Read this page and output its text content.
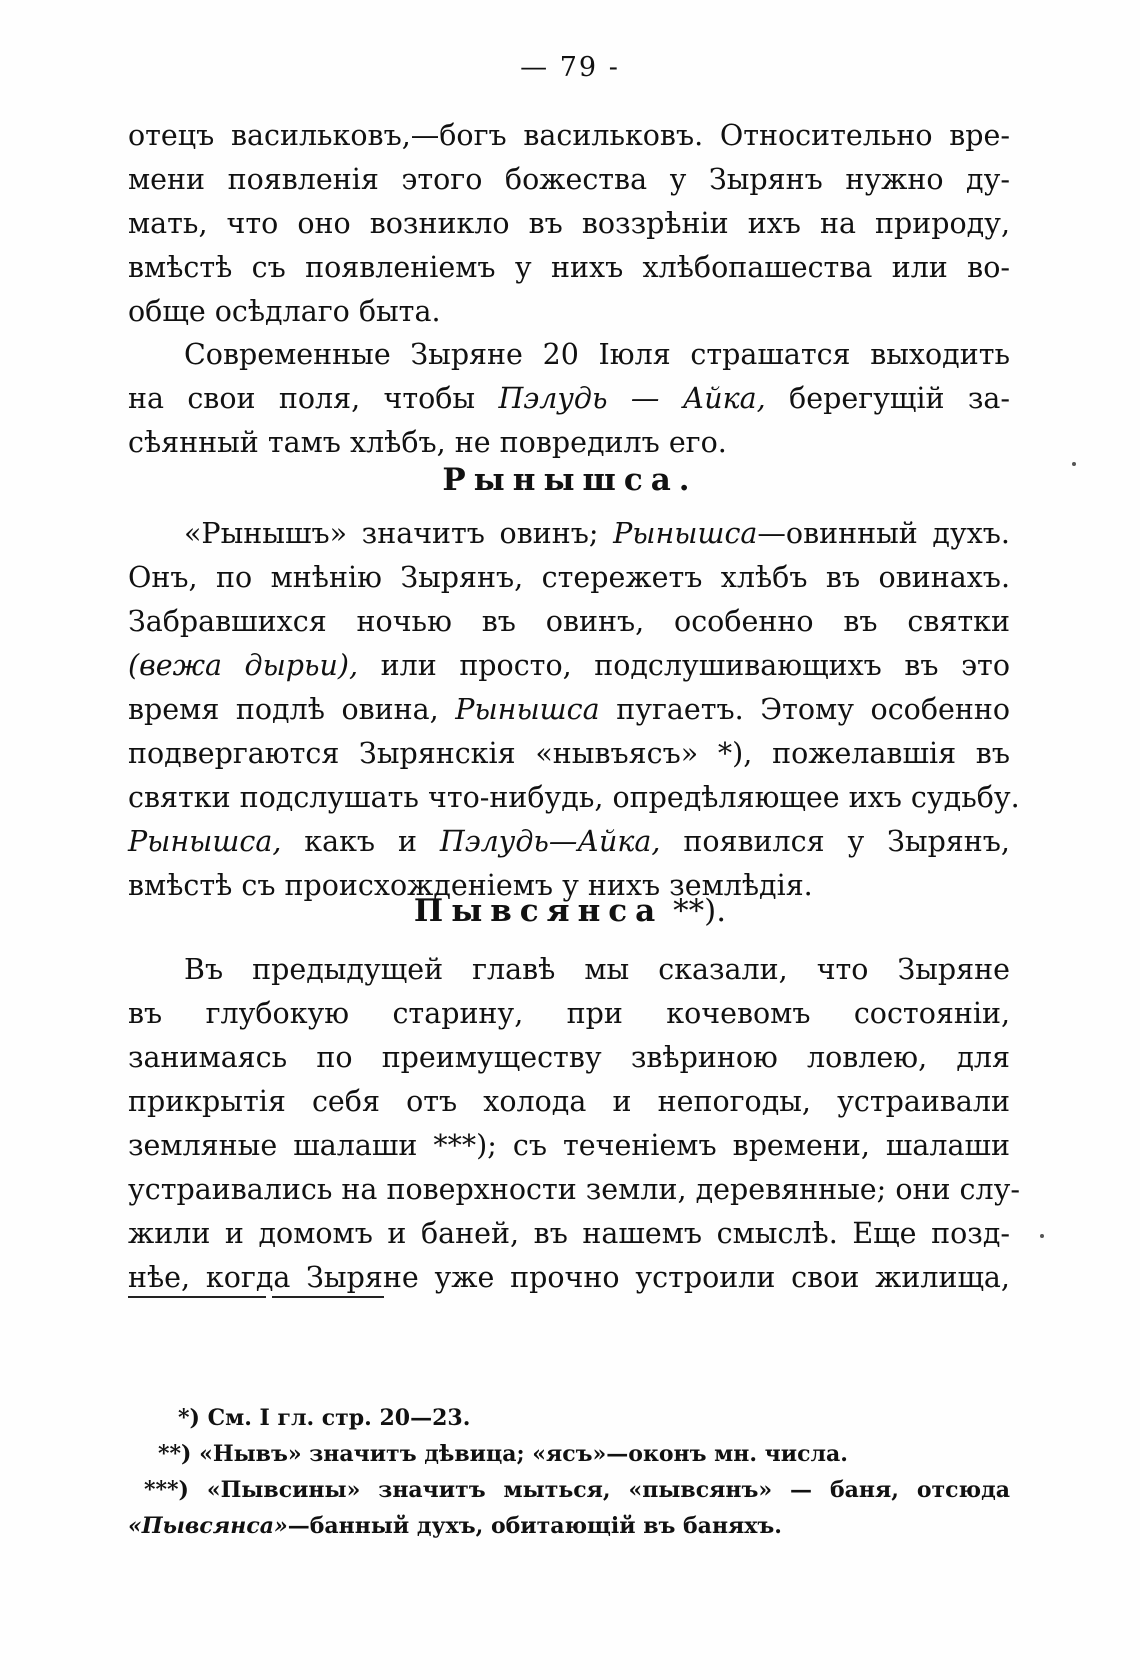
— 79 -
отецъ васильковъ,—богъ васильковъ. Относительно вре-
мени появленія этого божества у Зырянъ нужно ду-
мать, что оно возникло въ воззрѣніи ихъ на природу,
вмѣстѣ съ появленіемъ у нихъ хлѣбопашества или во-
обще осѣдлаго быта.
Современные Зыряне 20 Іюля страшатся выходить
на свои поля, чтобы Пэлудь — Айка, берегущій за-
сѣянный тамъ хлѣбъ, не повредилъ его.
Рынышса.
«Рынышъ» значитъ овинъ; Рынышса—овинный духъ.
Онъ, по мнѣнію Зырянъ, стережетъ хлѣбъ въ овинахъ.
Забравшихся ночью въ овинъ, особенно въ святки
(вежа дырьи), или просто, подслушивающихъ въ это
время подлѣ овина, Рынышса пугаетъ. Этому особенно
подвергаются Зырянскія «нывъясъ» *), пожелавшія въ
святки подслушать что-нибудь, опредѣляющее ихъ судьбу.
Рынышса, какъ и Пэлудь—Айка, появился у Зырянъ,
вмѣстѣ съ происхожденіемъ у нихъ землѣдія.
Пывсянса **).
Въ предыдущей главѣ мы сказали, что Зыряне
въ глубокую старину, при кочевомъ состояніи,
занимаясь по преимуществу звѣриною ловлею, для
прикрытія себя отъ холода и непогоды, устраивали
земляные шалаши ***); съ теченіемъ времени, шалаши
устраивались на поверхности земли, деревянные; они слу-
жили и домомъ и баней, въ нашемъ смыслѣ. Еще позд-
нѣе, когда Зыряне уже прочно устроили свои жилища,
*) См. I гл. стр. 20—23.
**) «Нывъ» значитъ дѣвица; «ясъ»—оконъ мн. числа.
***) «Пывсины» значитъ мыться, «пывсянъ» — баня, отсюда
«Пывсянса»—банный духъ, обитающій въ баняхъ.
